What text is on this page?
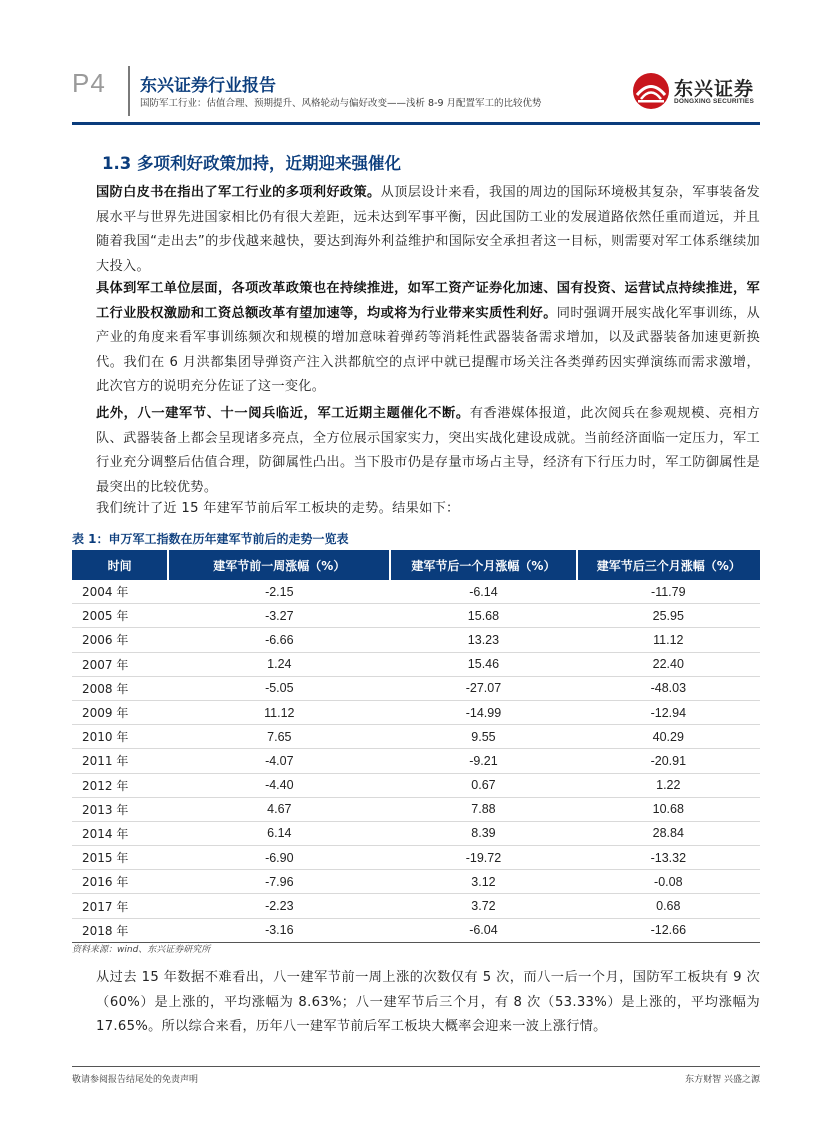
P4 东兴证券行业报告
国防军工行业：估值合理、预期提升、风格轮动与偏好改变——浅析 8-9 月配置军工的比较优势
东兴证券
DONGXING SECURITIES
1.3 多项利好政策加持，近期迎来强催化

国防白皮书在指出了军工行业的多项利好政策。从顶层设计来看，我国的周边的国际环境极其复杂，军事装备发展水平与世界先进国家相比仍有很大差距，远未达到军事平衡，因此国防工业的发展道路依然任重而道远，并且随着我国“走出去”的步伐越来越快，要达到海外利益维护和国际安全承担者这一目标，则需要对军工体系继续加大投入。

具体到军工单位层面，各项改革政策也在持续推进，如军工资产证券化加速、国有投资、运营试点持续推进，军工行业股权激励和工资总额改革有望加速等，均或将为行业带来实质性利好。同时强调开展实战化军事训练，从产业的角度来看军事训练频次和规模的增加意味着弹药等消耗性武器装备需求增加，以及武器装备加速更新换代。我们在 6 月洪都集团导弹资产注入洪都航空的点评中就已提醒市场关注各类弹药因实弹演练而需求激增，此次官方的说明充分佐证了这一变化。

此外，八一建军节、十一阅兵临近，军工近期主题催化不断。有香港媒体报道，此次阅兵在参观规模、亮相方队、武器装备上都会呈现诸多亮点，全方位展示国家实力，突出实战化建设成就。当前经济面临一定压力，军工行业充分调整后估值合理，防御属性凸出。当下股市仍是存量市场占主导，经济有下行压力时，军工防御属性是最突出的比较优势。

我们统计了近 15 年建军节前后军工板块的走势。结果如下：

表 1：申万军工指数在历年建军节前后的走势一览表
时间	建军节前一周涨幅（%）	建军节后一个月涨幅（%）	建军节后三个月涨幅（%）
2004 年	-2.15	-6.14	-11.79
2005 年	-3.27	15.68	25.95
2006 年	-6.66	13.23	11.12
2007 年	1.24	15.46	22.40
2008 年	-5.05	-27.07	-48.03
2009 年	11.12	-14.99	-12.94
2010 年	7.65	9.55	40.29
2011 年	-4.07	-9.21	-20.91
2012 年	-4.40	0.67	1.22
2013 年	4.67	7.88	10.68
2014 年	6.14	8.39	28.84
2015 年	-6.90	-19.72	-13.32
2016 年	-7.96	3.12	-0.08
2017 年	-2.23	3.72	0.68
2018 年	-3.16	-6.04	-12.66
资料来源：wind、东兴证券研究所

从过去 15 年数据不难看出，八一建军节前一周上涨的次数仅有 5 次，而八一后一个月，国防军工板块有 9 次（60%）是上涨的，平均涨幅为 8.63%；八一建军节后三个月，有 8 次（53.33%）是上涨的，平均涨幅为 17.65%。所以综合来看，历年八一建军节前后军工板块大概率会迎来一波上涨行情。

敬请参阅报告结尾处的免责声明	东方财智 兴盛之源
